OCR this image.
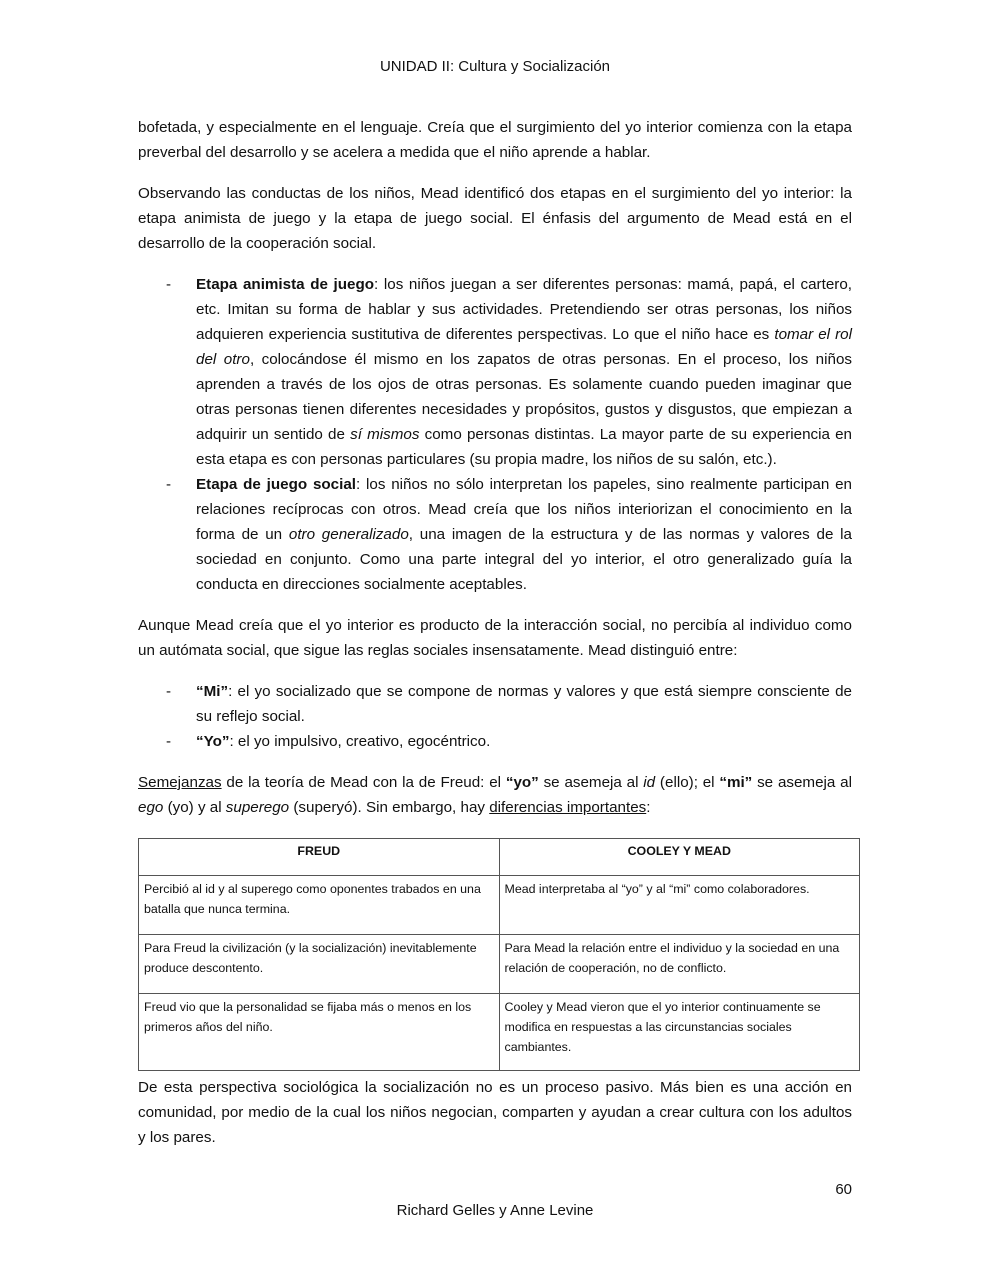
UNIDAD II: Cultura y Socialización

bofetada, y especialmente en el lenguaje. Creía que el surgimiento del yo interior comienza con la etapa preverbal del desarrollo y se acelera a medida que el niño aprende a hablar.

Observando las conductas de los niños, Mead identificó dos etapas en el surgimiento del yo interior: la etapa animista de juego y la etapa de juego social. El énfasis del argumento de Mead está en el desarrollo de la cooperación social.

- Etapa animista de juego: los niños juegan a ser diferentes personas: mamá, papá, el cartero, etc. Imitan su forma de hablar y sus actividades. Pretendiendo ser otras personas, los niños adquieren experiencia sustitutiva de diferentes perspectivas. Lo que el niño hace es tomar el rol del otro, colocándose él mismo en los zapatos de otras personas. En el proceso, los niños aprenden a través de los ojos de otras personas. Es solamente cuando pueden imaginar que otras personas tienen diferentes necesidades y propósitos, gustos y disgustos, que empiezan a adquirir un sentido de sí mismos como personas distintas. La mayor parte de su experiencia en esta etapa es con personas particulares (su propia madre, los niños de su salón, etc.).
- Etapa de juego social: los niños no sólo interpretan los papeles, sino realmente participan en relaciones recíprocas con otros. Mead creía que los niños interiorizan el conocimiento en la forma de un otro generalizado, una imagen de la estructura y de las normas y valores de la sociedad en conjunto. Como una parte integral del yo interior, el otro generalizado guía la conducta en direcciones socialmente aceptables.

Aunque Mead creía que el yo interior es producto de la interacción social, no percibía al individuo como un autómata social, que sigue las reglas sociales insensatamente. Mead distinguió entre:

- “Mi”: el yo socializado que se compone de normas y valores y que está siempre consciente de su reflejo social.
- “Yo”: el yo impulsivo, creativo, egocéntrico.

Semejanzas de la teoría de Mead con la de Freud: el “yo” se asemeja al id (ello); el “mi” se asemeja al ego (yo) y al superego (superyó). Sin embargo, hay diferencias importantes:

FREUD	COOLEY Y MEAD
Percibió al id y al superego como oponentes trabados en una batalla que nunca termina.	Mead interpretaba al “yo” y al “mi” como colaboradores.
Para Freud la civilización (y la socialización) inevitablemente produce descontento.	Para Mead la relación entre el individuo y la sociedad en una relación de cooperación, no de conflicto.
Freud vio que la personalidad se fijaba más o menos en los primeros años del niño.	Cooley y Mead vieron que el yo interior continuamente se modifica en respuestas a las circunstancias sociales cambiantes.

De esta perspectiva sociológica la socialización no es un proceso pasivo. Más bien es una acción en comunidad, por medio de la cual los niños negocian, comparten y ayudan a crear cultura con los adultos y los pares.

60
Richard Gelles y Anne Levine
